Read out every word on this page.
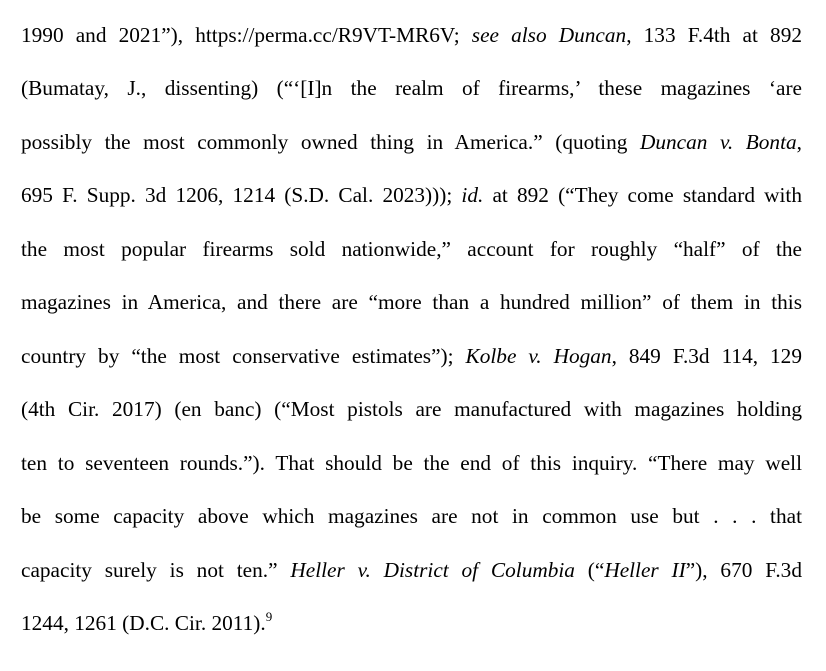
1990 and 2021”), https://perma.cc/R9VT-MR6V; see also Duncan, 133 F.4th at 892
(Bumatay, J., dissenting) (“‘[I]n the realm of firearms,’ these magazines ‘are
possibly the most commonly owned thing in America.” (quoting Duncan v. Bonta,
695 F. Supp. 3d 1206, 1214 (S.D. Cal. 2023))); id. at 892 (“They come standard with
the most popular firearms sold nationwide,” account for roughly “half” of the
magazines in America, and there are “more than a hundred million” of them in this
country by “the most conservative estimates”); Kolbe v. Hogan, 849 F.3d 114, 129
(4th Cir. 2017) (en banc) (“Most pistols are manufactured with magazines holding
ten to seventeen rounds.”). That should be the end of this inquiry. “There may well
be some capacity above which magazines are not in common use but . . . that
capacity surely is not ten.” Heller v. District of Columbia (“Heller II”), 670 F.3d
1244, 1261 (D.C. Cir. 2011).$^9$
